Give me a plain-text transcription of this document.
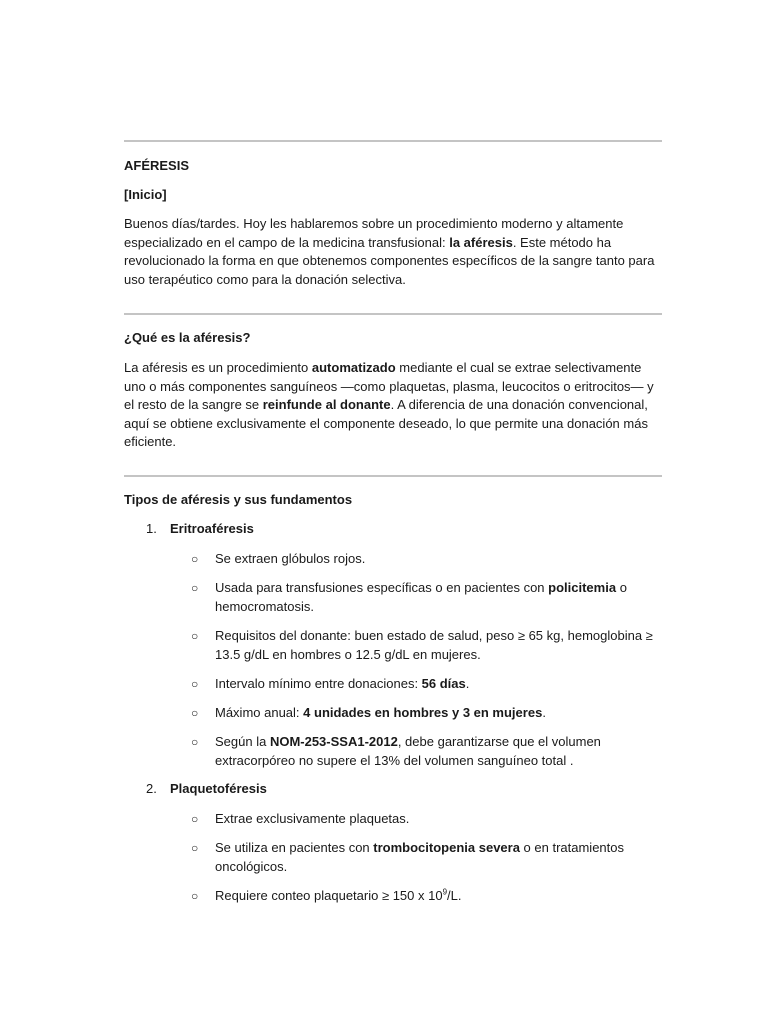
AFÉRESIS
[Inicio]

Buenos días/tardes. Hoy les hablaremos sobre un procedimiento moderno y altamente especializado en el campo de la medicina transfusional: la aféresis. Este método ha revolucionado la forma en que obtenemos componentes específicos de la sangre tanto para uso terapéutico como para la donación selectiva.

¿Qué es la aféresis?

La aféresis es un procedimiento automatizado mediante el cual se extrae selectivamente uno o más componentes sanguíneos —como plaquetas, plasma, leucocitos o eritrocitos— y el resto de la sangre se reinfunde al donante. A diferencia de una donación convencional, aquí se obtiene exclusivamente el componente deseado, lo que permite una donación más eficiente.

Tipos de aféresis y sus fundamentos
1. Eritroaféresis
○ Se extraen glóbulos rojos.

○ Usada para transfusiones específicas o en pacientes con policitemia o hemocromatosis.

○ Requisitos del donante: buen estado de salud, peso ≥ 65 kg, hemoglobina ≥ 13.5 g/dL en hombres o 12.5 g/dL en mujeres.

○ Intervalo mínimo entre donaciones: 56 días.

○ Máximo anual: 4 unidades en hombres y 3 en mujeres.

○ Según la NOM-253-SSA1-2012, debe garantizarse que el volumen extracorpóreo no supere el 13% del volumen sanguíneo total .

2. Plaquetoféresis
○ Extrae exclusivamente plaquetas.

○ Se utiliza en pacientes con trombocitopenia severa o en tratamientos oncológicos.

○ Requiere conteo plaquetario ≥ 150 x $10^9/L$.
